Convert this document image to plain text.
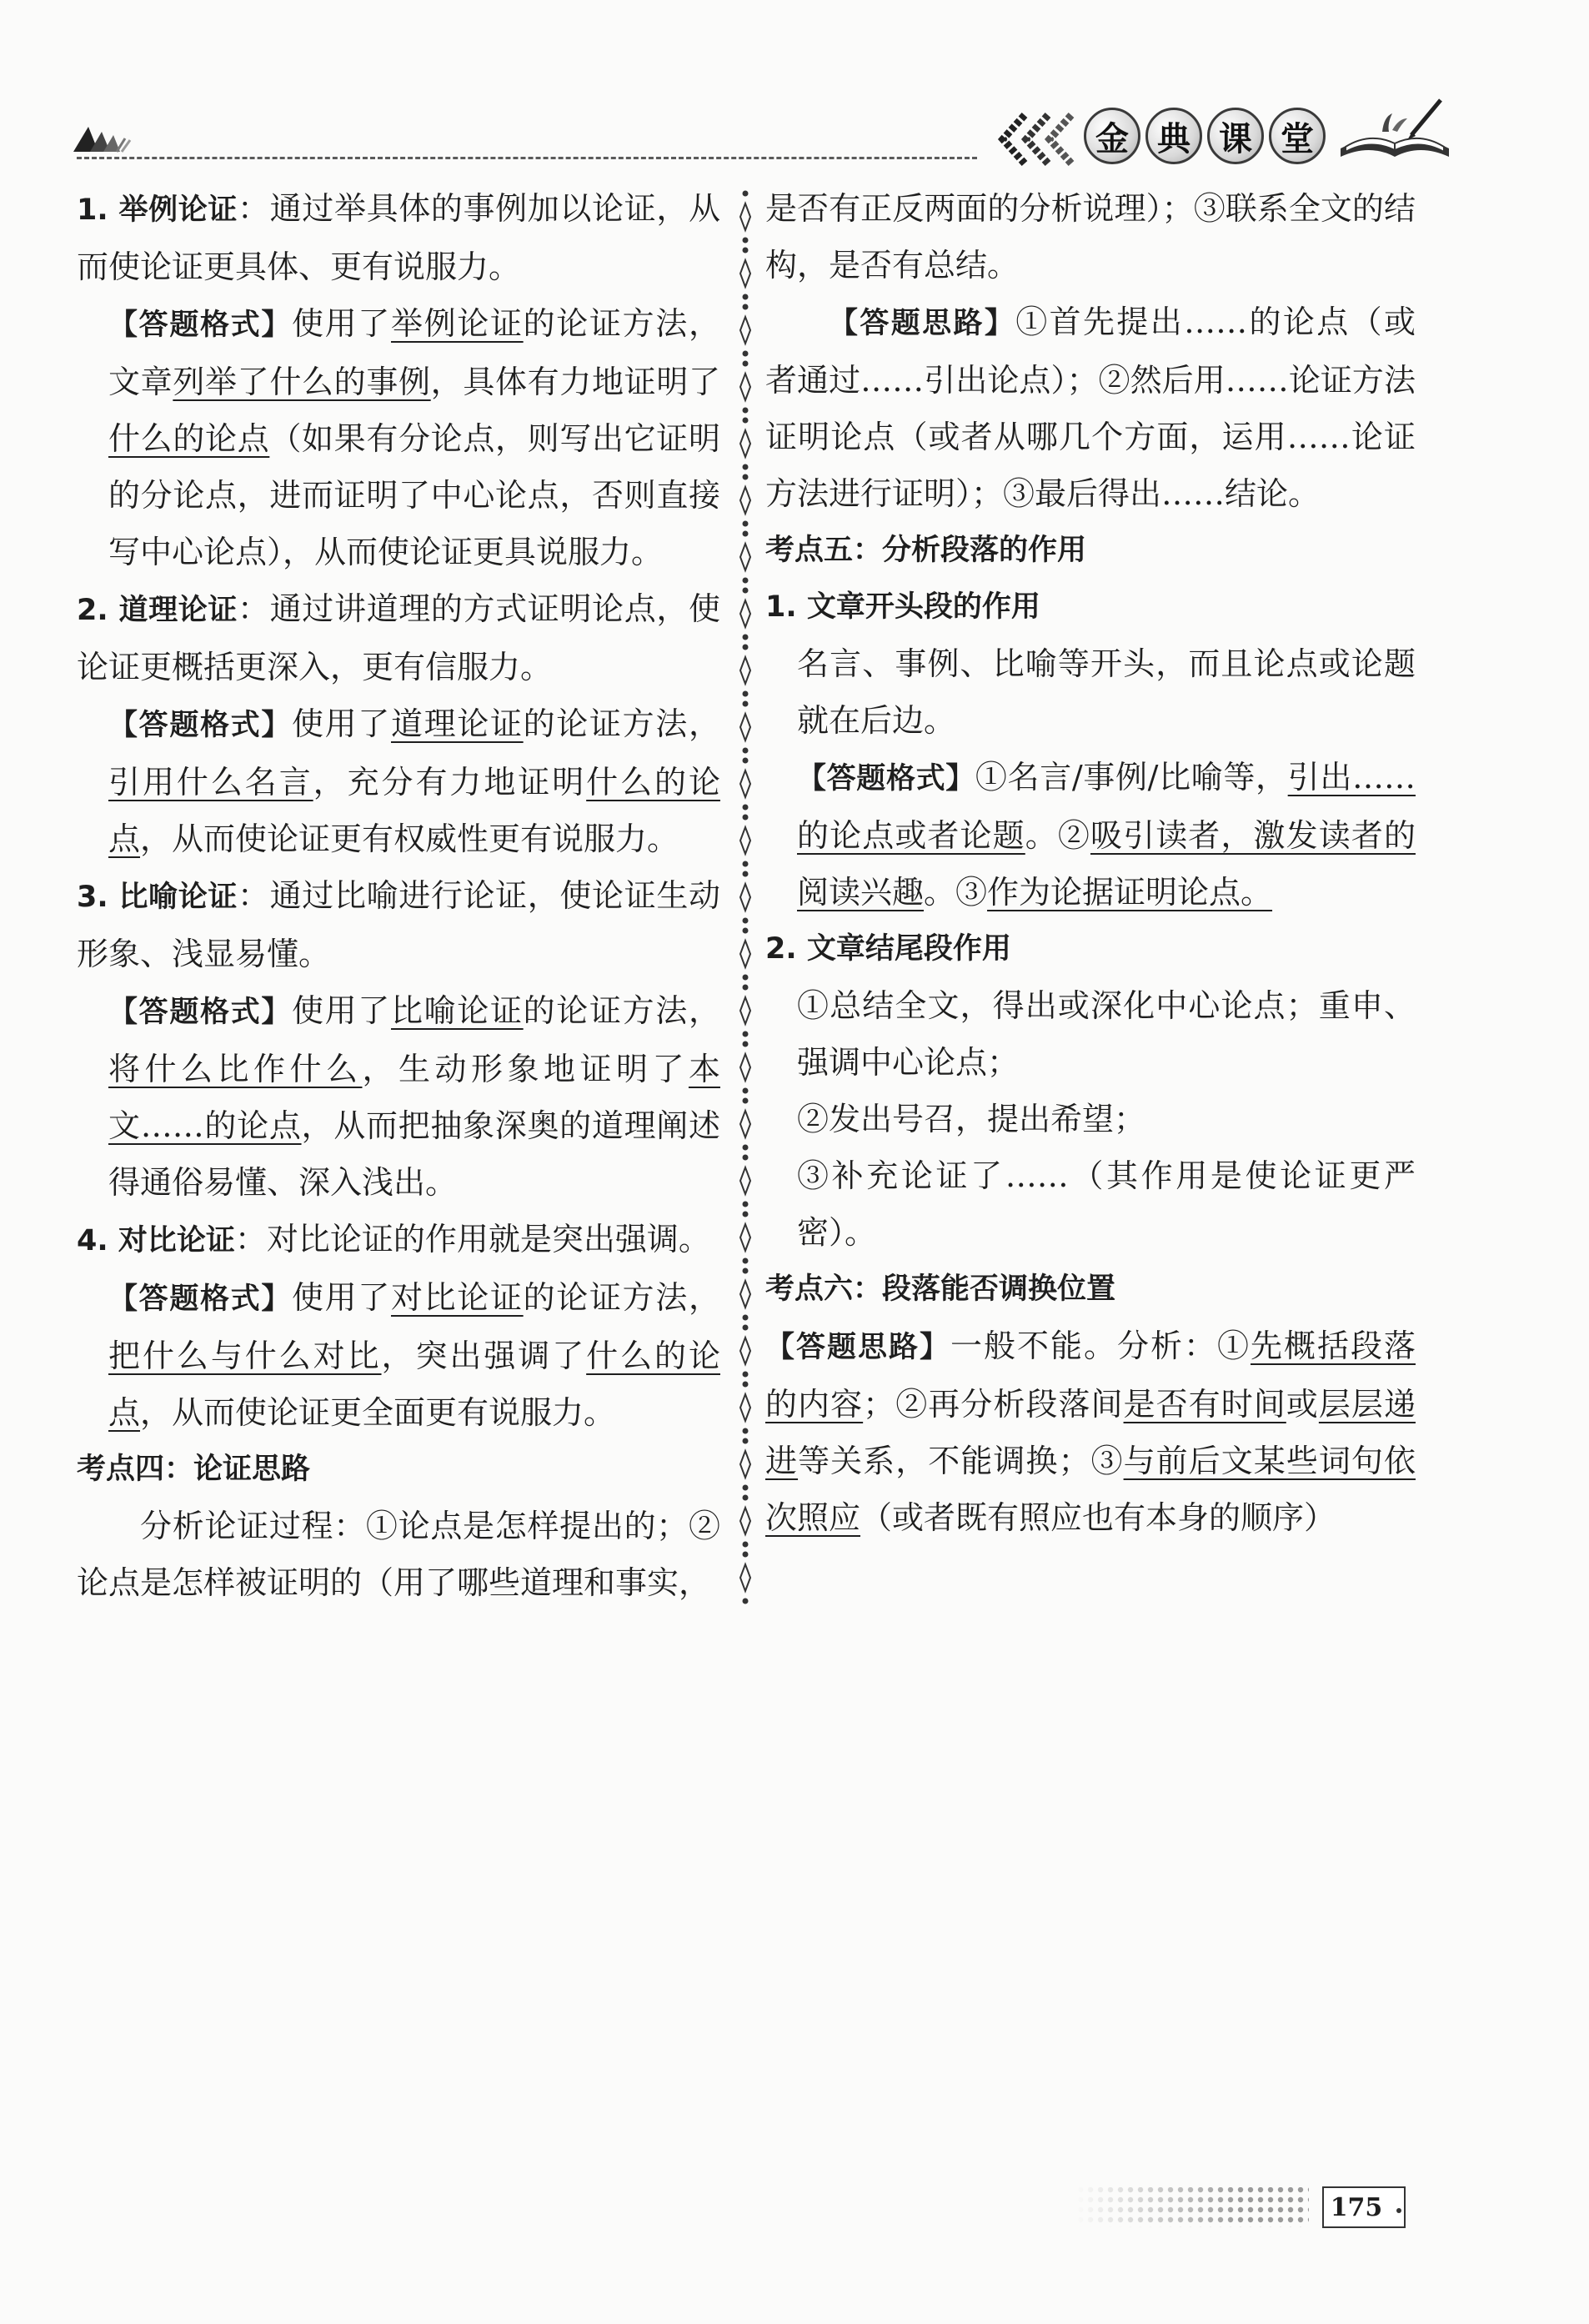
金 典 课 堂

1. 举例论证：通过举具体的事例加以论证，从而使论证更具体、更有说服力。

【答题格式】使用了举例论证的论证方法，文章列举了什么的事例，具体有力地证明了什么的论点（如果有分论点，则写出它证明的分论点，进而证明了中心论点，否则直接写中心论点），从而使论证更具说服力。

2. 道理论证：通过讲道理的方式证明论点，使论证更概括更深入，更有信服力。

【答题格式】使用了道理论证的论证方法，引用什么名言，充分有力地证明什么的论点，从而使论证更有权威性更有说服力。

3. 比喻论证：通过比喻进行论证，使论证生动形象、浅显易懂。

【答题格式】使用了比喻论证的论证方法，将什么比作什么，生动形象地证明了本文……的论点，从而把抽象深奥的道理阐述得通俗易懂、深入浅出。

4. 对比论证：对比论证的作用就是突出强调。

【答题格式】使用了对比论证的论证方法，把什么与什么对比，突出强调了什么的论点，从而使论证更全面更有说服力。

考点四：论证思路

分析论证过程：①论点是怎样提出的；②论点是怎样被证明的（用了哪些道理和事实，

是否有正反两面的分析说理）；③联系全文的结构，是否有总结。

【答题思路】①首先提出……的论点（或者通过……引出论点）；②然后用……论证方法证明论点（或者从哪几个方面，运用……论证方法进行证明）；③最后得出……结论。

考点五：分析段落的作用

1. 文章开头段的作用

名言、事例、比喻等开头，而且论点或论题就在后边。

【答题格式】①名言/事例/比喻等，引出……的论点或者论题。②吸引读者，激发读者的阅读兴趣。③作为论据证明论点。

2. 文章结尾段作用

①总结全文，得出或深化中心论点；重申、强调中心论点；

②发出号召，提出希望；

③补充论证了……（其作用是使论证更严密）。

考点六：段落能否调换位置

【答题思路】一般不能。分析：①先概括段落的内容；②再分析段落间是否有时间或层层递进等关系，不能调换；③与前后文某些词句依次照应（或者既有照应也有本身的顺序）

175
